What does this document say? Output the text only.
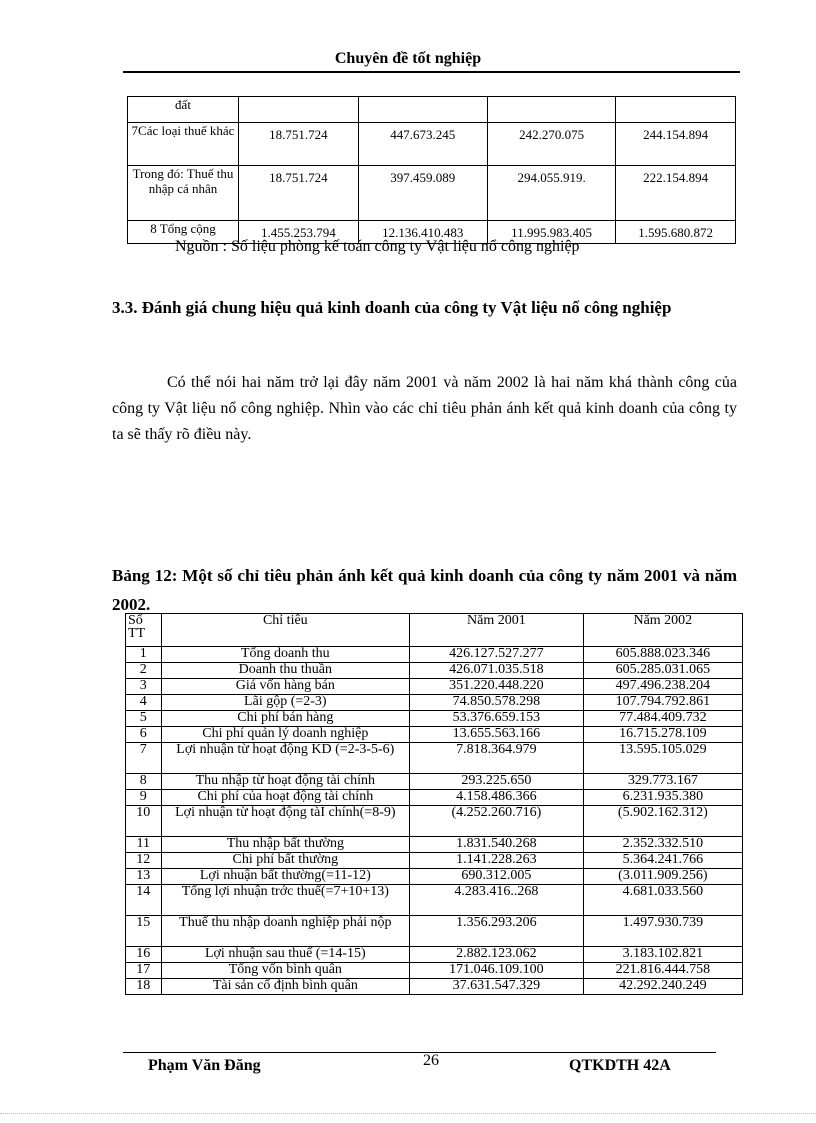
Chuyên đề tốt nghiệp
đất				
7Các loại thuế khác	18.751.724	447.673.245	242.270.075	244.154.894
Trong đó: Thuế thu nhập cá nhân	18.751.724	397.459.089	294.055.919.	222.154.894
8 Tổng cộng	1.455.253.794	12.136.410.483	11.995.983.405	1.595.680.872
Nguồn : Số liệu phòng kế toán công ty Vật liệu nổ công nghiệp
3.3. Đánh giá chung hiệu quả kinh doanh của công ty Vật liệu nổ công nghiệp
Có thể nói hai năm trở lại đây năm 2001 và năm 2002 là hai năm khá thành công của công ty Vật liệu nổ công nghiệp. Nhìn vào các chỉ tiêu phản ánh kết quả kinh doanh của công ty ta sẽ thấy rõ điều này.
Bảng 12: Một số chỉ tiêu phản ánh kết quả kinh doanh của công ty năm 2001 và năm 2002.
Số TT	Chỉ tiêu	Năm 2001	Năm 2002
1	Tổng doanh thu	426.127.527.277	605.888.023.346
2	Doanh thu thuần	426.071.035.518	605.285.031.065
3	Giá vốn hàng bán	351.220.448.220	497.496.238.204
4	Lãi gộp (=2-3)	74.850.578.298	107.794.792.861
5	Chi phí bán hàng	53.376.659.153	77.484.409.732
6	Chi phí quản lý doanh nghiệp	13.655.563.166	16.715.278.109
7	Lợi nhuận từ hoạt động KD (=2-3-5-6)	7.818.364.979	13.595.105.029
8	Thu nhập từ hoạt động tài chính	293.225.650	329.773.167
9	Chi phí của hoạt động tài chính	4.158.486.366	6.231.935.380
10	Lợi nhuận từ hoạt động tàI chính(=8-9)	(4.252.260.716)	(5.902.162.312)
11	Thu nhập bất thường	1.831.540.268	2.352.332.510
12	Chi phí bất thường	1.141.228.263	5.364.241.766
13	Lợi nhuận bất thường(=11-12)	690.312.005	(3.011.909.256)
14	Tổng lợi nhuận trớc thuế(=7+10+13)	4.283.416..268	4.681.033.560
15	Thuế thu nhập doanh nghiệp phải nộp	1.356.293.206	1.497.930.739
16	Lợi nhuận sau thuế (=14-15)	2.882.123.062	3.183.102.821
17	Tổng vốn bình quân	171.046.109.100	221.816.444.758
18	Tài sản cố định bình quân	37.631.547.329	42.292.240.249
Phạm Văn Đăng	26	QTKDTH 42A
